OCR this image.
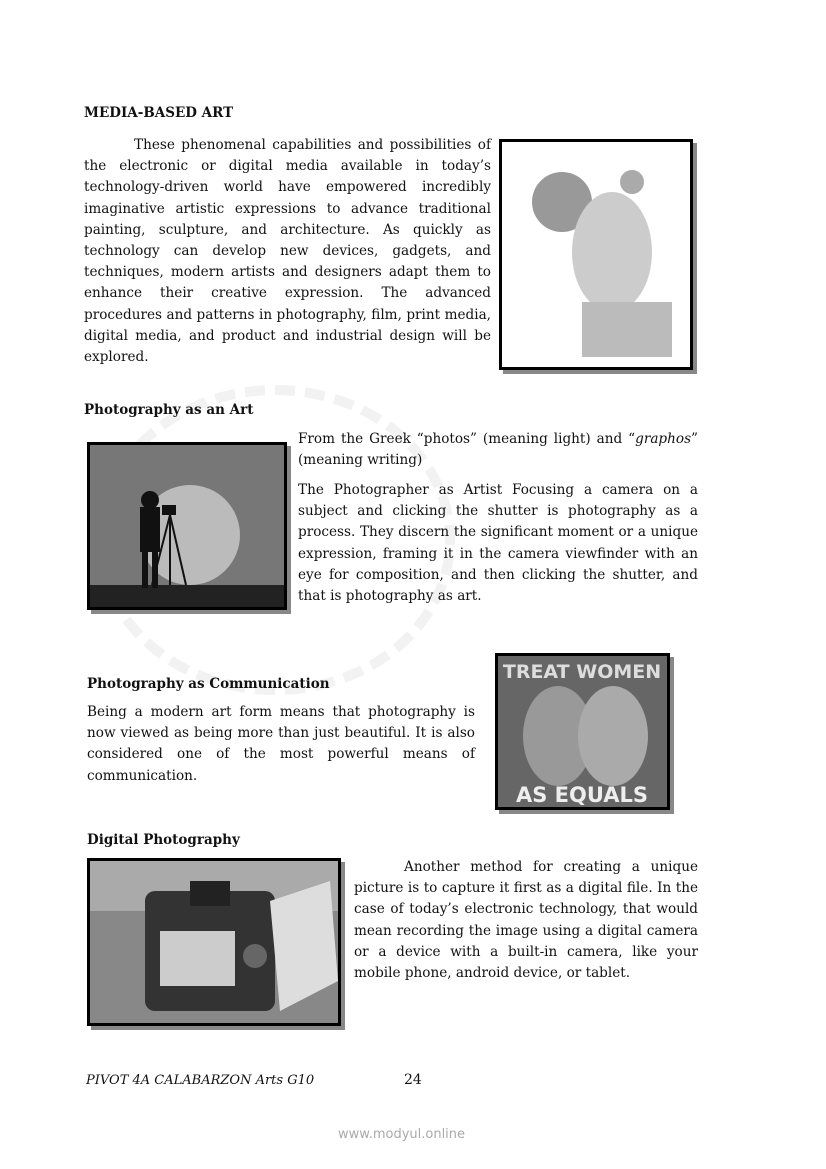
MEDIA-BASED ART

These phenomenal capabilities and possibilities of the electronic or digital media available in today’s technology-driven world have empowered incredibly imaginative artistic expressions to advance traditional painting, sculpture, and architecture. As quickly as technology can develop new devices, gadgets, and techniques, modern artists and designers adapt them to enhance their creative expression. The advanced procedures and patterns in photography, film, print media, digital media, and product and industrial design will be explored.

Photography as an Art

From the Greek “photos” (meaning light) and “graphos” (meaning writing)

The Photographer as Artist Focusing a camera on a subject and clicking the shutter is photography as a process. They discern the significant moment or a unique expression, framing it in the camera viewfinder with an eye for composition, and then clicking the shutter, and that is photography as art.

TREAT WOMEN
AS EQUALS
Photography as Communication

Being a modern art form means that photography is now viewed as being more than just beautiful. It is also considered one of the most powerful means of communication.

Digital Photography

Another method for creating a unique picture is to capture it first as a digital file. In the case of today’s electronic technology, that would mean recording the image using a digital camera or a device with a built-in camera, like your mobile phone, android device, or tablet.

PIVOT 4A CALABARZON Arts G10	24
www.modyul.online
